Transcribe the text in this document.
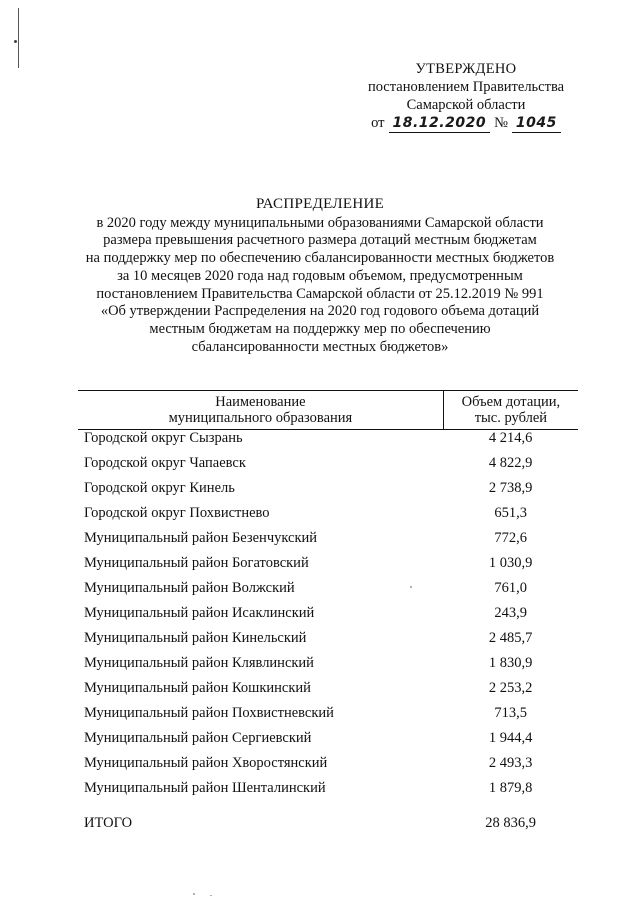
УТВЕРЖДЕНО
постановлением Правительства
Самарской области
от 18.12.2020 № 1045
РАСПРЕДЕЛЕНИЕ
в 2020 году между муниципальными образованиями Самарской области
размера превышения расчетного размера дотаций местным бюджетам
на поддержку мер по обеспечению сбалансированности местных бюджетов
за 10 месяцев 2020 года над годовым объемом, предусмотренным
постановлением Правительства Самарской области от 25.12.2019 № 991
«Об утверждении Распределения на 2020 год годового объема дотаций
местным бюджетам на поддержку мер по обеспечению
сбалансированности местных бюджетов»
Наименование
муниципального образования	Объем дотации,
тыс. рублей
Городской округ Сызрань	4 214,6
Городской округ Чапаевск	4 822,9
Городской округ Кинель	2 738,9
Городской округ Похвистнево	651,3
Муниципальный район Безенчукский	772,6
Муниципальный район Богатовский	1 030,9
Муниципальный район Волжский	761,0
Муниципальный район Исаклинский	243,9
Муниципальный район Кинельский	2 485,7
Муниципальный район Клявлинский	1 830,9
Муниципальный район Кошкинский	2 253,2
Муниципальный район Похвистневский	713,5
Муниципальный район Сергиевский	1 944,4
Муниципальный район Хворостянский	2 493,3
Муниципальный район Шенталинский	1 879,8
ИТОГО	28 836,9
